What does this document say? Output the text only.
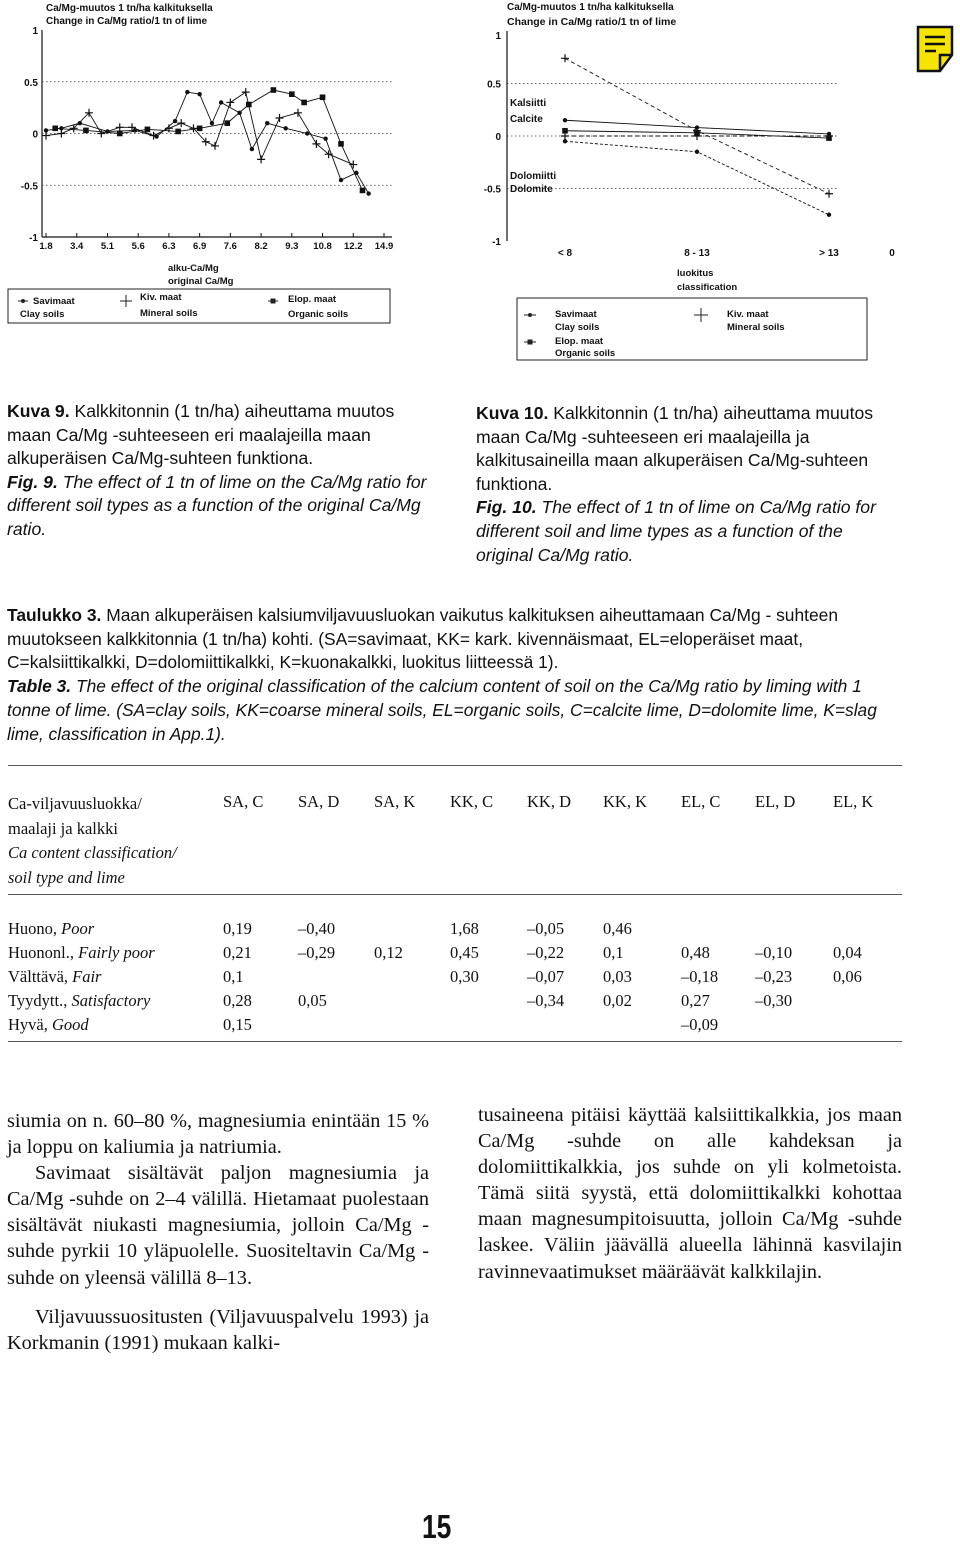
Ca/Mg-muutos 1 tn/ha kalkituksella
Change in Ca/Mg ratio/1 tn of lime
1
0.5
0
-0.5
-1
1.8 3.4 5.1 5.6 6.3 6.9 7.6 8.2 9.3 10.8 12.2 14.9
alku-Ca/Mg
original Ca/Mg
Savimaat
Clay soils
Kiv. maat
Mineral soils
Elop. maat
Organic soils
Ca/Mg-muutos 1 tn/ha kalkituksella
Change in Ca/Mg ratio/1 tn of lime
1
0.5
0
-0.5
-1
< 8	8 - 13	> 13	0
Kalsiitti
Calcite
Dolomiitti
Dolomite
luokitus
classification
Savimaat
Clay soils
Kiv. maat
Mineral soils
Elop. maat
Organic soils

Kuva 9. Kalkkitonnin (1 tn/ha) aiheuttama muutos maan Ca/Mg -suhteeseen eri maalajeilla maan alkuperäisen Ca/Mg-suhteen funktiona.

Fig. 9. The effect of 1 tn of lime on the Ca/Mg ratio for different soil types as a function of the original Ca/Mg ratio.

Kuva 10. Kalkkitonnin (1 tn/ha) aiheuttama muutos maan Ca/Mg -suhteeseen eri maalajeilla ja kalkitusaineilla maan alkuperäisen Ca/Mg-suhteen funktiona.

Fig. 10. The effect of 1 tn of lime on Ca/Mg ratio for different soil and lime types as a function of the original Ca/Mg ratio.

Taulukko 3. Maan alkuperäisen kalsiumviljavuusluokan vaikutus kalkituksen aiheuttamaan Ca/Mg - suhteen muutokseen kalkkitonnia (1 tn/ha) kohti. (SA=savimaat, KK= kark. kivennäismaat, EL=eloperäiset maat, C=kalsiittikalkki, D=dolomiittikalkki, K=kuonakalkki, luokitus liitteessä 1).

Table 3. The effect of the original classification of the calcium content of soil on the Ca/Mg ratio by liming with 1 tonne of lime. (SA=clay soils, KK=coarse mineral soils, EL=organic soils, C=calcite lime, D=dolomite lime, K=slag lime, classification in App.1).

Ca-viljavuusluokka/
maalaji ja kalkki
Ca content classification/
soil type and lime	SA, C	SA, D	SA, K	KK, C	KK, D	KK, K	EL, C	EL, D	EL, K
Huono, Poor	0,19	–0,40		1,68	–0,05	0,46			
Huononl., Fairly poor	0,21	–0,29	0,12	0,45	–0,22	0,1	0,48	–0,10	0,04
Välttävä, Fair	0,1			0,30	–0,07	0,03	–0,18	–0,23	0,06
Tyydytt., Satisfactory	0,28	0,05			–0,34	0,02	0,27	–0,30	
Hyvä, Good	0,15						–0,09		

siumia on n. 60–80 %, magnesiumia enintään 15 % ja loppu on kaliumia ja natriumia.

Savimaat sisältävät paljon magnesiumia ja Ca/Mg -suhde on 2–4 välillä. Hietamaat puolestaan sisältävät niukasti magnesiumia, jolloin Ca/Mg -suhde pyrkii 10 yläpuolelle. Suositeltavin Ca/Mg -suhde on yleensä välillä 8–13.

Viljavuussuositusten (Viljavuuspalvelu 1993) ja Korkmanin (1991) mukaan kalki-

tusaineena pitäisi käyttää kalsiittikalkkia, jos maan Ca/Mg -suhde on alle kahdeksan ja dolomiittikalkkia, jos suhde on yli kolmetoista. Tämä siitä syystä, että dolomiittikalkki kohottaa maan magnesumpitoisuutta, jolloin Ca/Mg -suhde laskee. Väliin jäävällä alueella lähinnä kasvilajin ravinnevaatimukset määräävät kalkkilajin.

15
